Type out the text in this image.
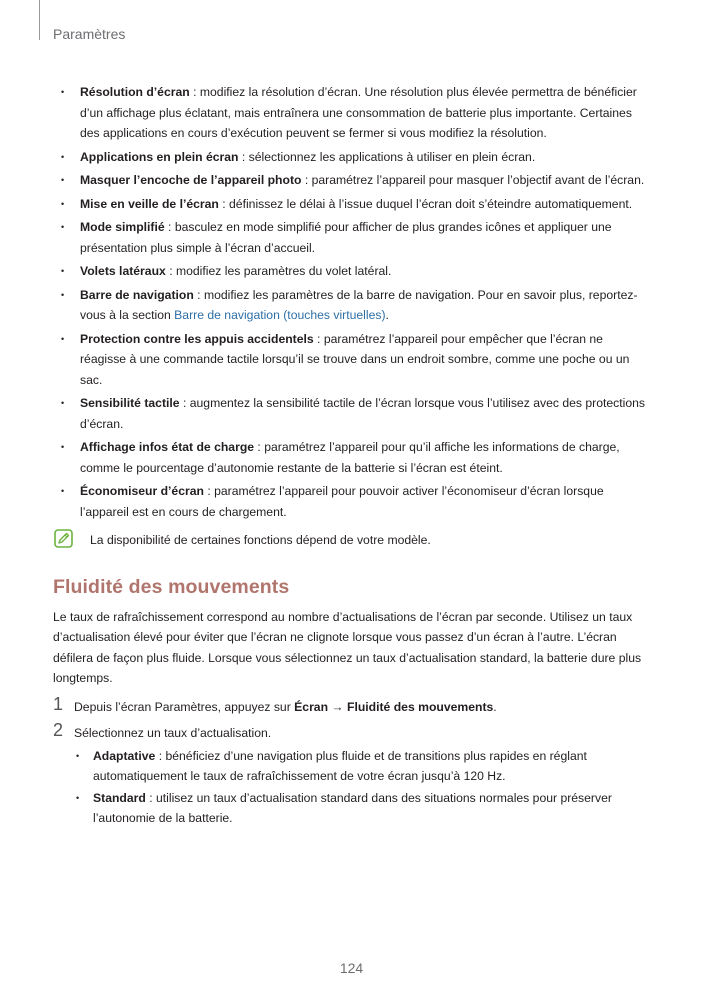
Paramètres
• Résolution d’écran : modifiez la résolution d’écran. Une résolution plus élevée permettra de bénéficier d’un affichage plus éclatant, mais entraînera une consommation de batterie plus importante. Certaines des applications en cours d’exécution peuvent se fermer si vous modifiez la résolution.
• Applications en plein écran : sélectionnez les applications à utiliser en plein écran.
• Masquer l’encoche de l’appareil photo : paramétrez l’appareil pour masquer l’objectif avant de l’écran.
• Mise en veille de l’écran : définissez le délai à l’issue duquel l’écran doit s’éteindre automatiquement.
• Mode simplifié : basculez en mode simplifié pour afficher de plus grandes icônes et appliquer une présentation plus simple à l’écran d’accueil.
• Volets latéraux : modifiez les paramètres du volet latéral.
• Barre de navigation : modifiez les paramètres de la barre de navigation. Pour en savoir plus, reportez-vous à la section Barre de navigation (touches virtuelles).
• Protection contre les appuis accidentels : paramétrez l’appareil pour empêcher que l’écran ne réagisse à une commande tactile lorsqu’il se trouve dans un endroit sombre, comme une poche ou un sac.
• Sensibilité tactile : augmentez la sensibilité tactile de l’écran lorsque vous l’utilisez avec des protections d’écran.
• Affichage infos état de charge : paramétrez l’appareil pour qu’il affiche les informations de charge, comme le pourcentage d’autonomie restante de la batterie si l’écran est éteint.
• Économiseur d’écran : paramétrez l’appareil pour pouvoir activer l’économiseur d’écran lorsque l’appareil est en cours de chargement.
La disponibilité de certaines fonctions dépend de votre modèle.
Fluidité des mouvements

Le taux de rafraîchissement correspond au nombre d’actualisations de l’écran par seconde. Utilisez un taux d’actualisation élevé pour éviter que l’écran ne clignote lorsque vous passez d’un écran à l’autre. L’écran défilera de façon plus fluide. Lorsque vous sélectionnez un taux d’actualisation standard, la batterie dure plus longtemps.

1 Depuis l’écran Paramètres, appuyez sur Écran → Fluidité des mouvements.
2 Sélectionnez un taux d’actualisation.
• Adaptative : bénéficiez d’une navigation plus fluide et de transitions plus rapides en réglant automatiquement le taux de rafraîchissement de votre écran jusqu’à 120 Hz.
• Standard : utilisez un taux d’actualisation standard dans des situations normales pour préserver l’autonomie de la batterie.
124
